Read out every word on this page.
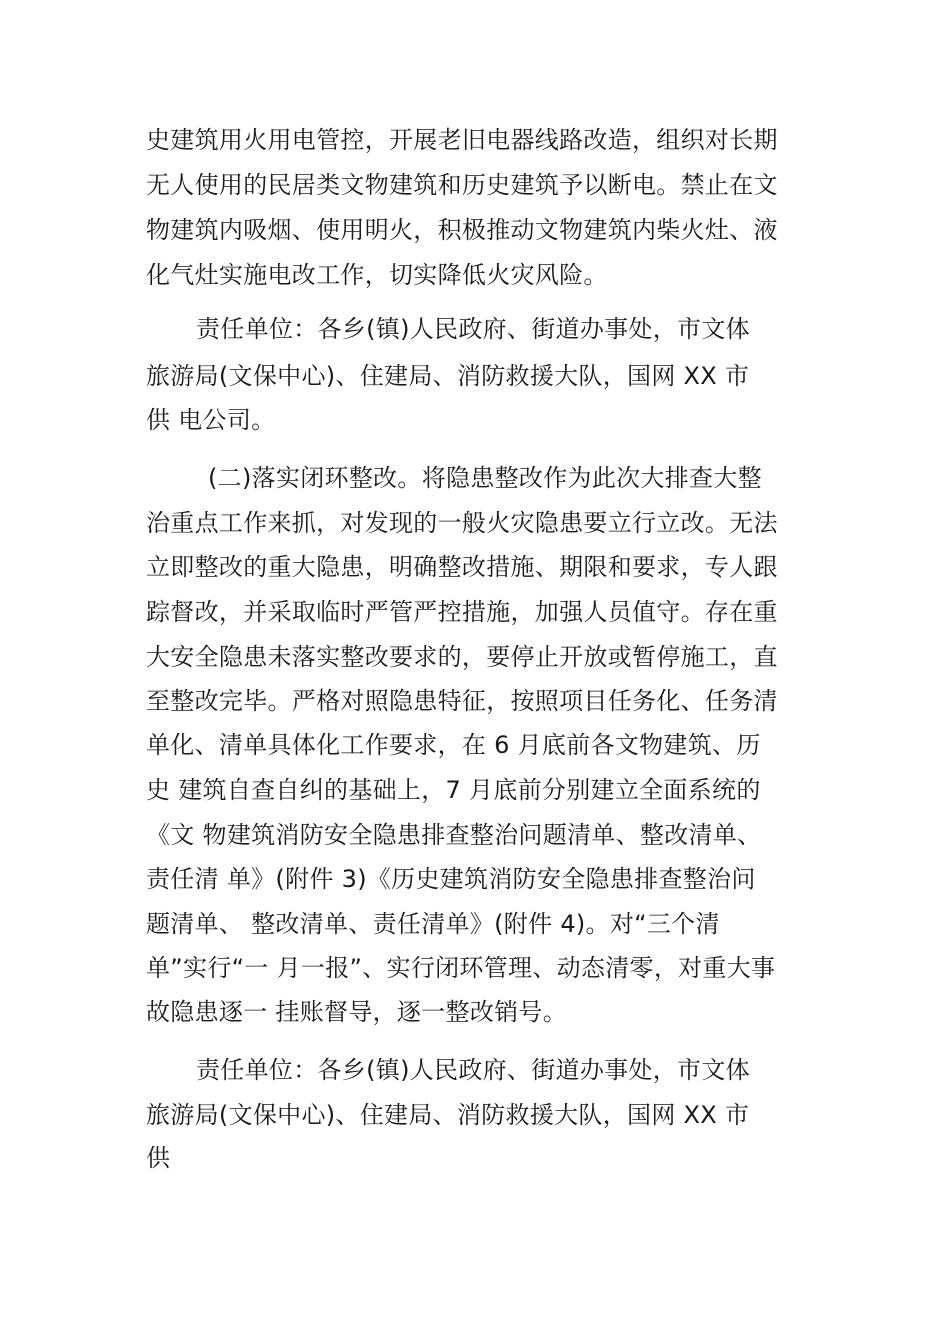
史建筑用火用电管控，开展老旧电器线路改造，组织对长期
无人使用的民居类文物建筑和历史建筑予以断电。禁止在文
物建筑内吸烟、使用明火，积极推动文物建筑内柴火灶、液
化气灶实施电改工作，切实降低火灾风险。
责任单位：各乡(镇)人民政府、街道办事处，市文体
旅游局(文保中心)、住建局、消防救援大队，国网 XX 市
供 电公司。
(二)落实闭环整改。将隐患整改作为此次大排查大整
治重点工作来抓，对发现的一般火灾隐患要立行立改。无法
立即整改的重大隐患，明确整改措施、期限和要求，专人跟
踪督改，并采取临时严管严控措施，加强人员值守。存在重
大安全隐患未落实整改要求的，要停止开放或暂停施工，直
至整改完毕。严格对照隐患特征，按照项目任务化、任务清
单化、清单具体化工作要求，在 6 月底前各文物建筑、历
史 建筑自查自纠的基础上，7 月底前分别建立全面系统的
《文 物建筑消防安全隐患排查整治问题清单、整改清单、
责任清 单》(附件 3)《历史建筑消防安全隐患排查整治问
题清单、 整改清单、责任清单》(附件 4)。对“三个清
单”实行“一 月一报”、实行闭环管理、动态清零，对重大事
故隐患逐一 挂账督导，逐一整改销号。
责任单位：各乡(镇)人民政府、街道办事处，市文体
旅游局(文保中心)、住建局、消防救援大队，国网 XX 市
供
